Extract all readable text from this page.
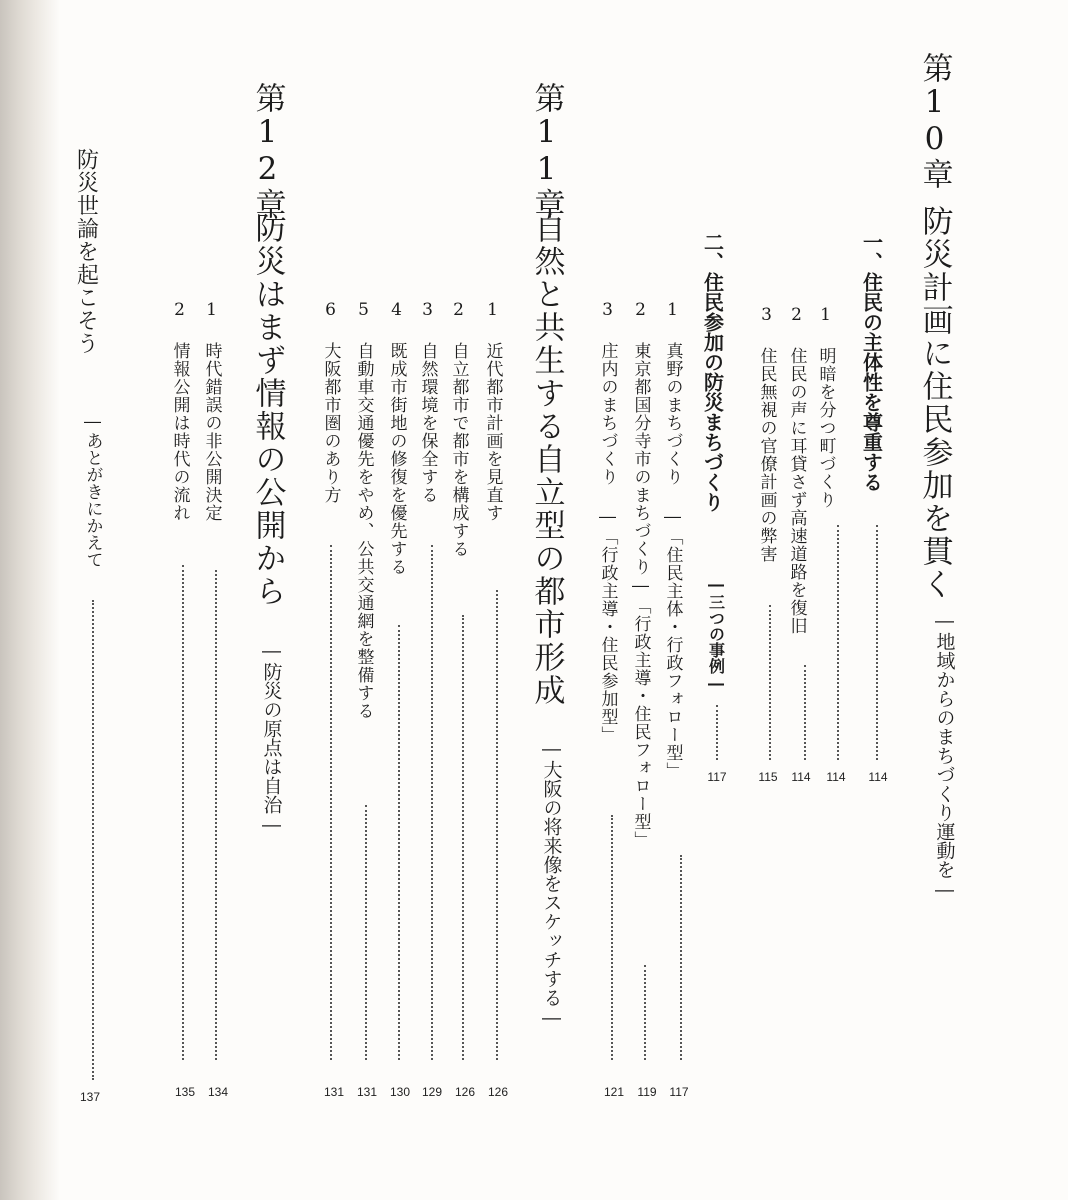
第10章
防災計画に住民参加を貫く
―地域からのまちづくり運動を―
114
一、住民の主体性を尊重する
1 明暗を分つ町づくり
114
2 住民の声に耳貸さず高速道路を復旧
114
3 住民無視の官僚計画の弊害
115
二、住民参加の防災まちづくり
―三つの事例―
117
1 真野のまちづくり ―「住民主体・行政フォロー型」
117
2 東京都国分寺市のまちづくり―「行政主導・住民フォロー型」
119
3 庄内のまちづくり ―「行政主導・住民参加型」
121
第11章
自然と共生する自立型の都市形成
―大阪の将来像をスケッチする―
1 近代都市計画を見直す
126
2 自立都市で都市を構成する
126
3 自然環境を保全する
129
4 既成市街地の修復を優先する
130
5 自動車交通優先をやめ、公共交通網を整備する
131
6 大阪都市圏のあり方
131
第12章
防災はまず情報の公開から
―防災の原点は自治―
1 時代錯誤の非公開決定
134
2 情報公開は時代の流れ
135
防災世論を起こそう
―あとがきにかえて
137
